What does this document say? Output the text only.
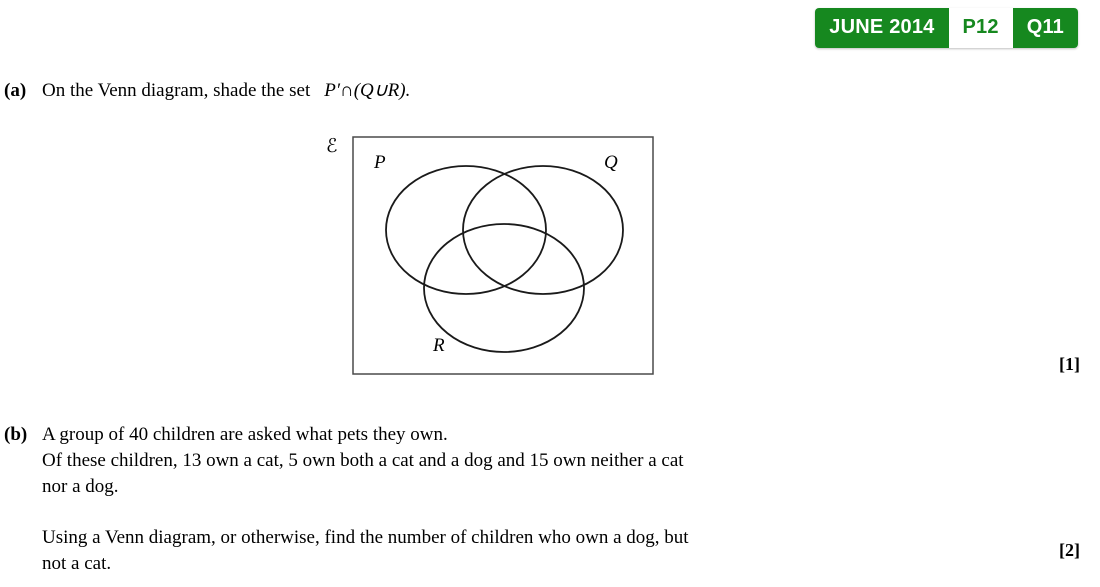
JUNE 2014	P12	Q11
(a) On the Venn diagram, shade the set P′∩(Q∪R).
[1]
ℰ
P	Q
R
(b) A group of 40 children are asked what pets they own.

Of these children, 13 own a cat, 5 own both a cat and a dog and 15 own neither a cat

nor a dog.

Using a Venn diagram, or otherwise, find the number of children who own a dog, but

not a cat.

[2]
